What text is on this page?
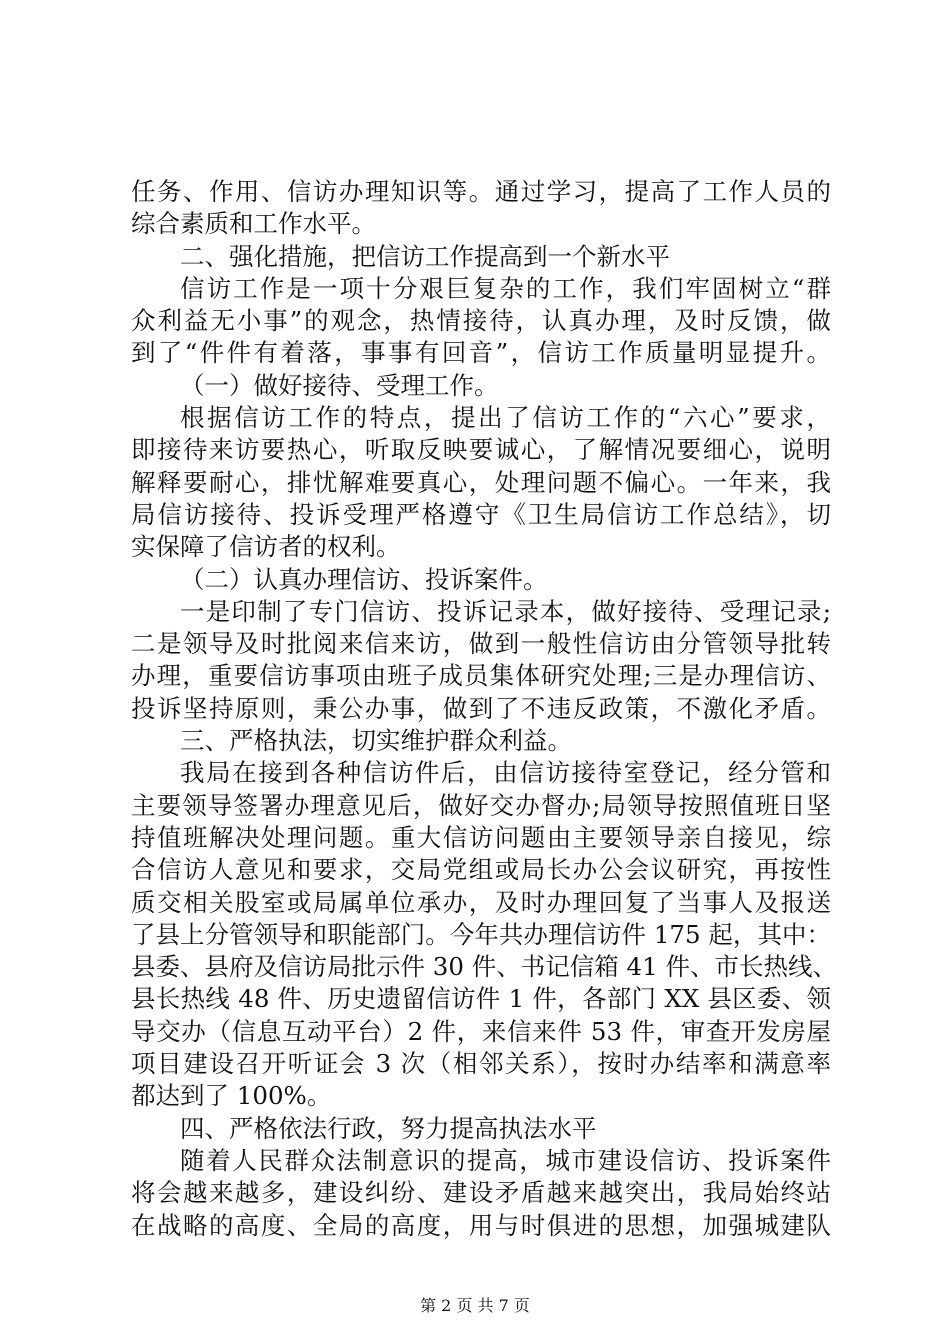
任务、作用、信访办理知识等。通过学习，提高了工作人员的
综合素质和工作水平。
二、强化措施，把信访工作提高到一个新水平
信访工作是一项十分艰巨复杂的工作，我们牢固树立“群
众利益无小事”的观念，热情接待，认真办理，及时反馈，做
到了“件件有着落，事事有回音”，信访工作质量明显提升。
（一）做好接待、受理工作。
根据信访工作的特点，提出了信访工作的“六心”要求，
即接待来访要热心，听取反映要诚心，了解情况要细心，说明
解释要耐心，排忧解难要真心，处理问题不偏心。一年来，我
局信访接待、投诉受理严格遵守《卫生局信访工作总结》，切
实保障了信访者的权利。
（二）认真办理信访、投诉案件。
一是印制了专门信访、投诉记录本，做好接待、受理记录;
二是领导及时批阅来信来访，做到一般性信访由分管领导批转
办理，重要信访事项由班子成员集体研究处理;三是办理信访、
投诉坚持原则，秉公办事，做到了不违反政策，不激化矛盾。
三、严格执法，切实维护群众利益。
我局在接到各种信访件后，由信访接待室登记，经分管和
主要领导签署办理意见后，做好交办督办;局领导按照值班日坚
持值班解决处理问题。重大信访问题由主要领导亲自接见，综
合信访人意见和要求，交局党组或局长办公会议研究，再按性
质交相关股室或局属单位承办，及时办理回复了当事人及报送
了县上分管领导和职能部门。今年共办理信访件 175 起，其中：
县委、县府及信访局批示件 30 件、书记信箱 41 件、市长热线、
县长热线 48 件、历史遗留信访件 1 件，各部门 XX 县区委、领
导交办（信息互动平台）2 件，来信来件 53 件，审查开发房屋
项目建设召开听证会 3 次（相邻关系），按时办结率和满意率
都达到了 100%。
四、严格依法行政，努力提高执法水平
随着人民群众法制意识的提高，城市建设信访、投诉案件
将会越来越多，建设纠纷、建设矛盾越来越突出，我局始终站
在战略的高度、全局的高度，用与时俱进的思想，加强城建队
第 2 页 共 7 页
